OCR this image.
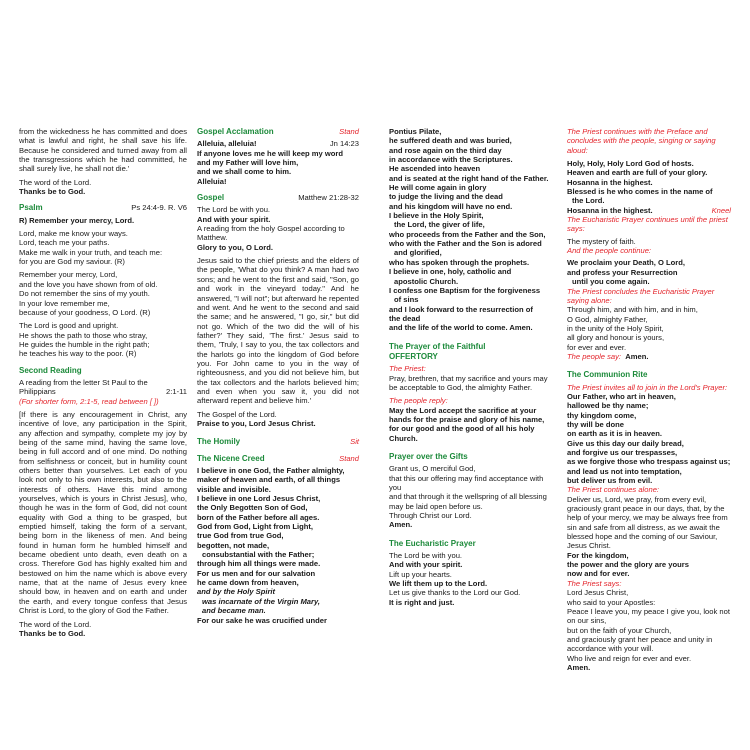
from the wickedness he has committed and does what is lawful and right, he shall save his life. Because he considered and turned away from all the transgressions which he had committed, he shall surely live, he shall not die.'
The word of the Lord.
Thanks be to God.
Psalm	Ps 24:4-9. R. V6
R) Remember your mercy, Lord.
Lord, make me know your ways.
Lord, teach me your paths.
Make me walk in your truth, and teach me:
for you are God my saviour. (R)
Remember your mercy, Lord,
and the love you have shown from of old.
Do not remember the sins of my youth.
In your love remember me,
because of your goodness, O Lord. (R)
The Lord is good and upright.
He shows the path to those who stray,
He guides the humble in the right path;
he teaches his way to the poor. (R)
Second Reading
A reading from the letter St Paul to the
Philippians	2:1-11
(For shorter form, 2:1-5, read between [ ])
[If there is any encouragement in Christ, any incentive of love, any participation in the Spirit, any affection and sympathy, complete my joy by being of the same mind, having the same love, being in full accord and of one mind. Do nothing from selfishness or conceit, but in humility count others better than yourselves. Let each of you look not only to his own interests, but also to the interests of others. Have this mind among yourselves, which is yours in Christ Jesus], who, though he was in the form of God, did not count equality with God a thing to be grasped, but emptied himself, taking the form of a servant, being born in the likeness of men. And being found in human form he humbled himself and became obedient unto death, even death on a cross. Therefore God has highly exalted him and bestowed on him the name which is above every name, that at the name of Jesus every knee should bow, in heaven and on earth and under the earth, and every tongue confess that Jesus Christ is Lord, to the glory of God the Father.
The word of the Lord.
Thanks be to God.
Gospel Acclamation	Stand
Alleluia, alleluia!	Jn 14:23
If anyone loves me he will keep my word
and my Father will love him,
and we shall come to him.
Alleluia!
Gospel	Matthew 21:28-32
The Lord be with you.
And with your spirit.
A reading from the holy Gospel according to Matthew.
Glory to you, O Lord.
Jesus said to the chief priests and the elders of the people, 'What do you think? A man had two sons; and he went to the first and said, "Son, go and work in the vineyard today." And he answered, "I will not"; but afterward he repented and went. And he went to the second and said the same; and he answered, "I go, sir," but did not go. Which of the two did the will of his father?' They said, 'The first.' Jesus said to them, 'Truly, I say to you, the tax collectors and the harlots go into the kingdom of God before you. For John came to you in the way of righteousness, and you did not believe him, but the tax collectors and the harlots believed him; and even when you saw it, you did not afterward repent and believe him.'
The Gospel of the Lord.
Praise to you, Lord Jesus Christ.
The Homily	Sit
The Nicene Creed	Stand
I believe in one God, the Father almighty,
maker of heaven and earth, of all things
visible and invisible.
I believe in one Lord Jesus Christ,
the Only Begotten Son of God,
born of the Father before all ages.
God from God, Light from Light,
true God from true God,
begotten, not made,
consubstantial with the Father;
through him all things were made.
For us men and for our salvation
he came down from heaven,
and by the Holy Spirit
was incarnate of the Virgin Mary,
and became man.
For our sake he was crucified under
Pontius Pilate,
he suffered death and was buried,
and rose again on the third day
in accordance with the Scriptures.
He ascended into heaven
and is seated at the right hand of the Father.
He will come again in glory
to judge the living and the dead
and his kingdom will have no end.
I believe in the Holy Spirit,
the Lord, the giver of life,
who proceeds from the Father and the Son,
who with the Father and the Son is adored
and glorified,
who has spoken through the prophets.
I believe in one, holy, catholic and
apostolic Church.
I confess one Baptism for the forgiveness
of sins
and I look forward to the resurrection of
the dead
and the life of the world to come. Amen.
The Prayer of the Faithful
OFFERTORY
The Priest:
Pray, brethren, that my sacrifice and yours may be acceptable to God, the almighty Father.
The people reply:
May the Lord accept the sacrifice at your hands for the praise and glory of his name, for our good and the good of all his holy Church.
Prayer over the Gifts
Grant us, O merciful God,
that this our offering may find acceptance with you
and that through it the wellspring of all blessing
may be laid open before us.
Through Christ our Lord.
Amen.
The Eucharistic Prayer
The Lord be with you.
And with your spirit.
Lift up your hearts.
We lift them up to the Lord.
Let us give thanks to the Lord our God.
It is right and just.
The Priest continues with the Preface and concludes with the people, singing or saying aloud:
Holy, Holy, Holy Lord God of hosts.
Heaven and earth are full of your glory.
Hosanna in the highest.
Blessed is he who comes in the name of
the Lord.
Hosanna in the highest.	Kneel
The Eucharistic Prayer continues until the priest says:
The mystery of faith.
And the people continue:
We proclaim your Death, O Lord,
and profess your Resurrection
until you come again.
The Priest concludes the Eucharistic Prayer saying alone:
Through him, and with him, and in him,
O God, almighty Father,
in the unity of the Holy Spirit,
all glory and honour is yours,
for ever and ever.
The people say: Amen.
The Communion Rite
The Priest invites all to join in the Lord's Prayer:
Our Father, who art in heaven,
hallowed be thy name;
thy kingdom come,
thy will be done
on earth as it is in heaven.
Give us this day our daily bread,
and forgive us our trespasses,
as we forgive those who trespass against us;
and lead us not into temptation,
but deliver us from evil.
The Priest continues alone:
Deliver us, Lord, we pray, from every evil, graciously grant peace in our days, that, by the help of your mercy, we may be always free from sin and safe from all distress, as we await the blessed hope and the coming of our Saviour, Jesus Christ.
For the kingdom,
the power and the glory are yours
now and for ever.
The Priest says:
Lord Jesus Christ,
who said to your Apostles:
Peace I leave you, my peace I give you, look not on our sins,
but on the faith of your Church,
and graciously grant her peace and unity in accordance with your will.
Who live and reign for ever and ever.
Amen.
